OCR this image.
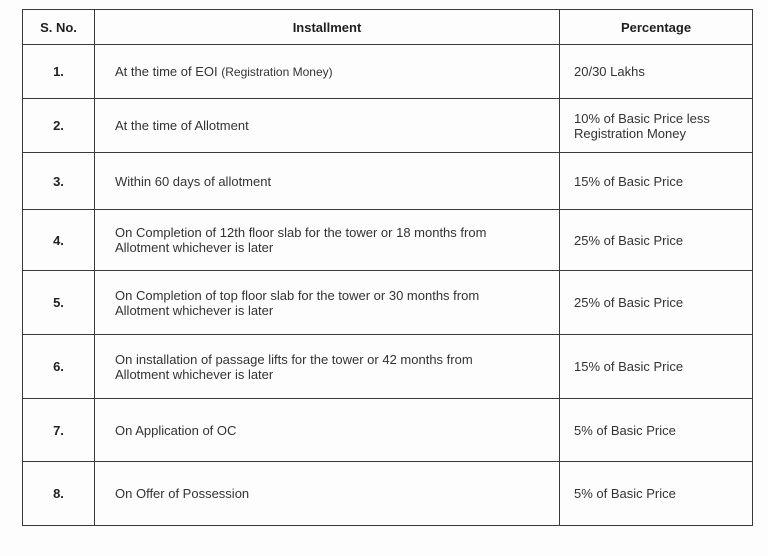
S. No.	Installment	Percentage
1.	At the time of EOI (Registration Money)	20/30 Lakhs
2.	At the time of Allotment	10% of Basic Price less
Registration Money

3.	Within 60 days of allotment	15% of Basic Price
4.	On Completion of 12th floor slab for the tower or 18 months from
Allotment whichever is later	25% of Basic Price
5.	On Completion of top floor slab for the tower or 30 months from
Allotment whichever is later	25% of Basic Price
6.	On installation of passage lifts for the tower or 42 months from
Allotment whichever is later	15% of Basic Price
7.	On Application of OC	5% of Basic Price
8.	On Offer of Possession	5% of Basic Price
